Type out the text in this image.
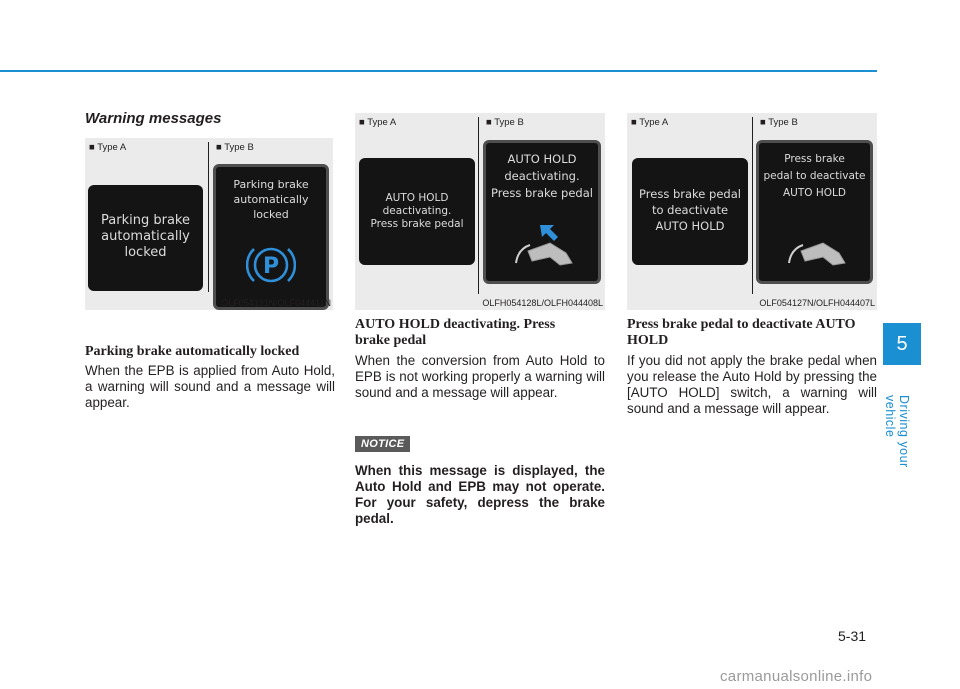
5
Driving your vehicle
Warning messages
■ Type A	■ Type B
Parking brake
automatically
locked
Parking brake
automatically
locked
P
OLF054131N/OLF044411N
■ Type A	■ Type B
AUTO HOLD
deactivating.
Press brake pedal
AUTO HOLD
deactivating.
Press brake pedal
OLFH054128L/OLFH044408L
■ Type A	■ Type B
Press brake pedal
to deactivate
AUTO HOLD
Press brake
pedal to deactivate
AUTO HOLD
OLF054127N/OLFH044407L
Parking brake automatically locked
When the EPB is applied from Auto Hold, a warning will sound and a message will appear.
AUTO HOLD deactivating. Press brake pedal
When the conversion from Auto Hold to EPB is not working properly a warning will sound and a message will appear.
NOTICE
When this message is displayed, the Auto Hold and EPB may not operate. For your safety, depress the brake pedal.
Press brake pedal to deactivate AUTO HOLD
If you did not apply the brake pedal when you release the Auto Hold by pressing the [AUTO HOLD] switch, a warning will sound and a message will appear.
5-31
carmanualsonline.info
